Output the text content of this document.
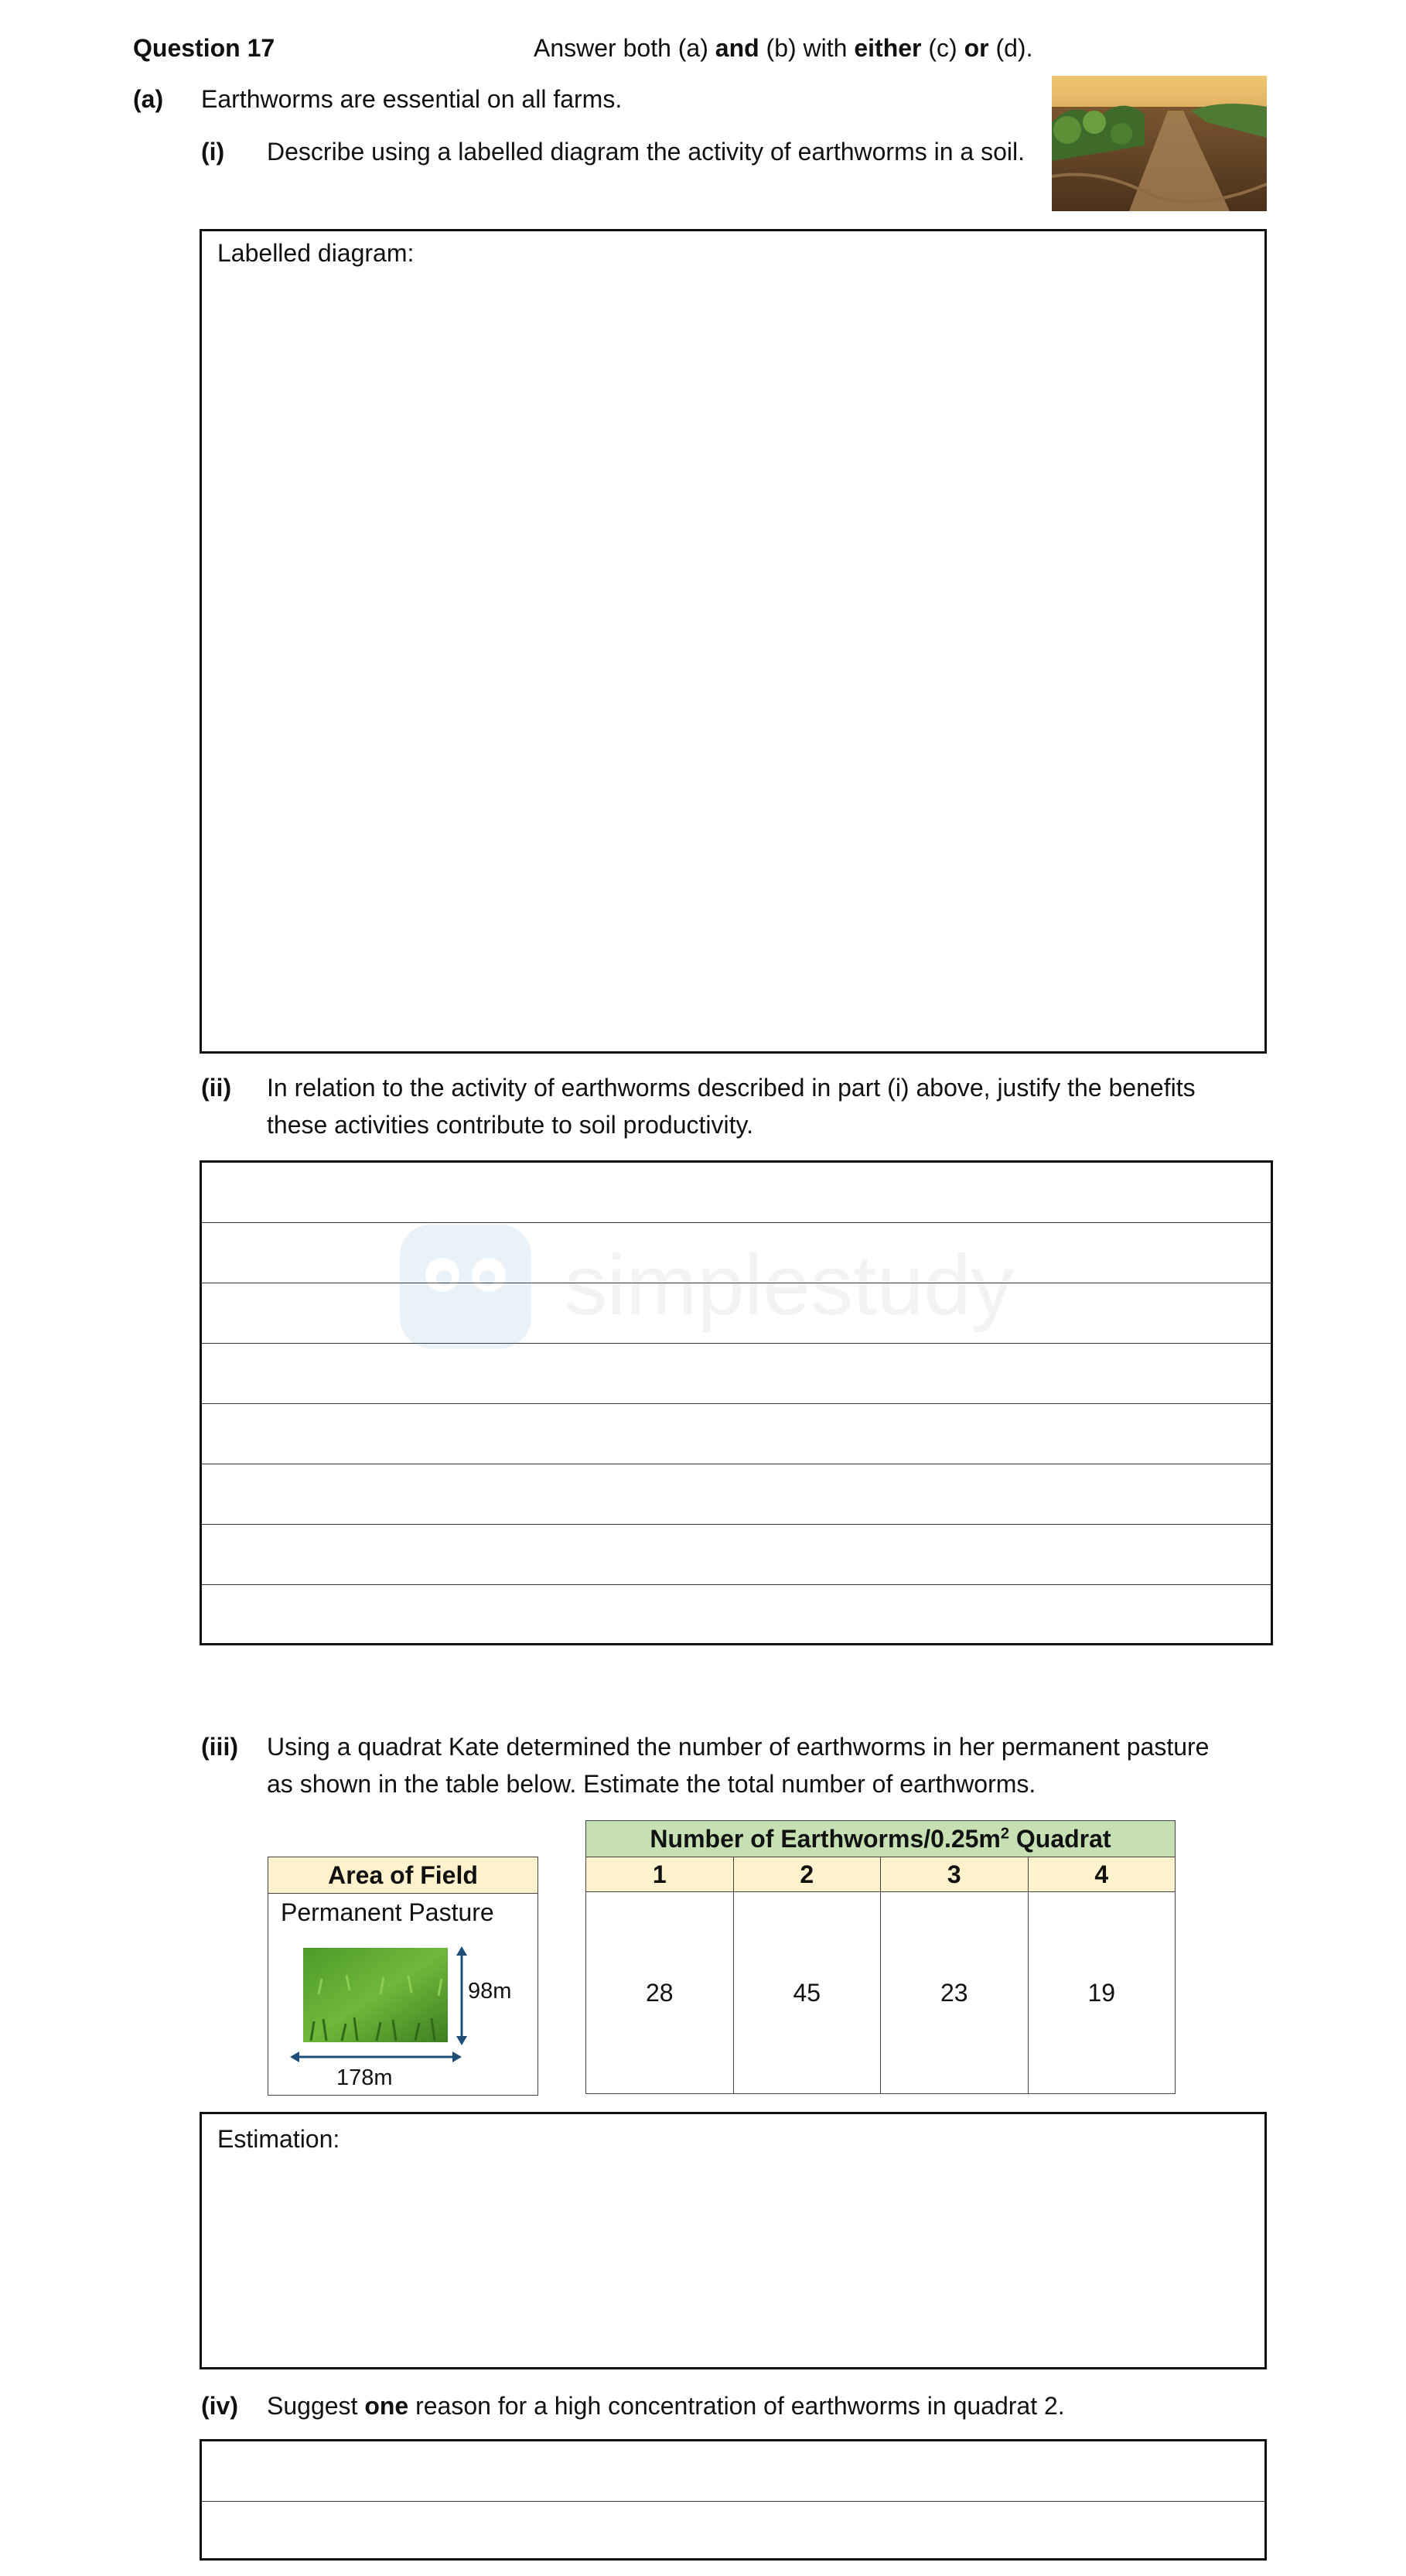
Question 17	Answer both (a) and (b) with either (c) or (d).
(a) Earthworms are essential on all farms.
(i) Describe using a labelled diagram the activity of earthworms in a soil.
Labelled diagram:
(ii) In relation to the activity of earthworms described in part (i) above, justify the benefits
these activities contribute to soil productivity.
simplestudy
(iii) Using a quadrat Kate determined the number of earthworms in her permanent pasture
as shown in the table below. Estimate the total number of earthworms.
Area of Field

Permanent Pasture
98m
178m
Number of Earthworms/$0.25m^2$ Quadrat			
1	2	3	4
28	45	23	19
Estimation:
(iv) Suggest one reason for a high concentration of earthworms in quadrat 2.
